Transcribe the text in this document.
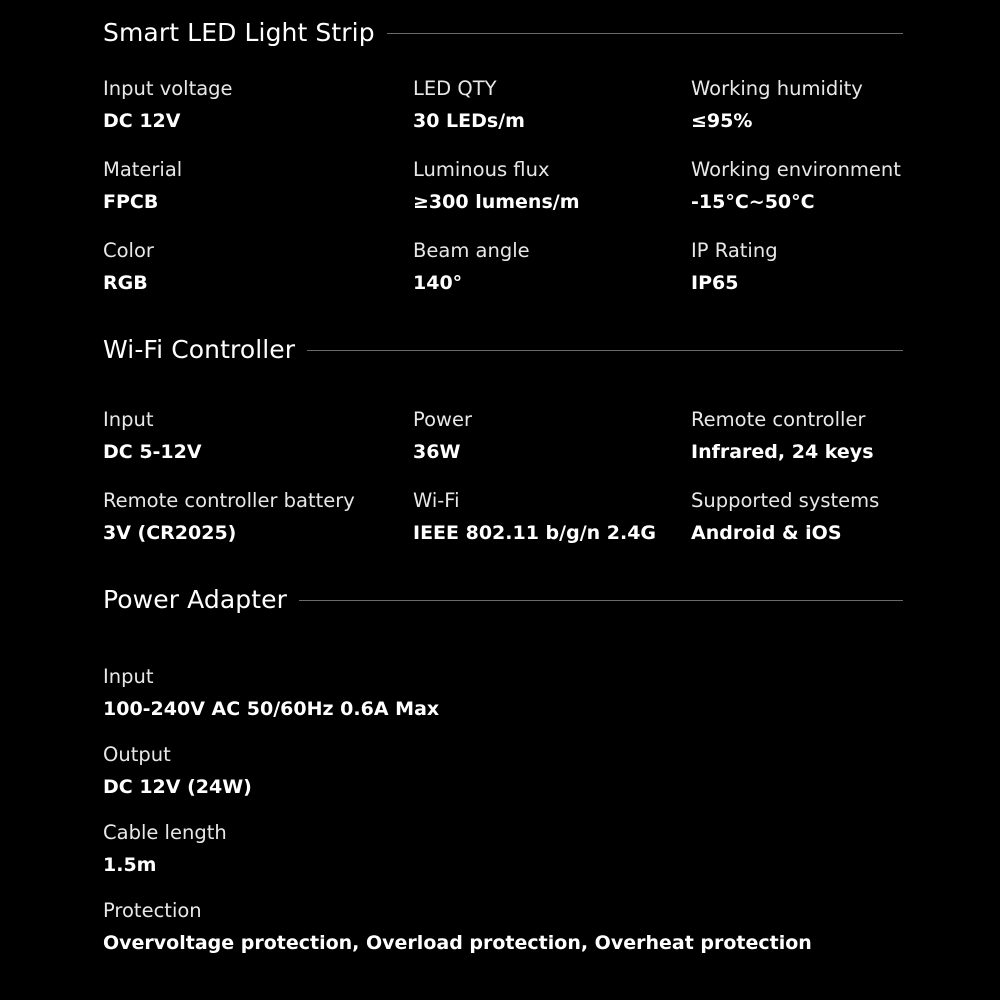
Smart LED Light Strip
Input voltage
DC 12V
LED QTY
30 LEDs/m
Working humidity
≤95%
Material
FPCB
Luminous flux
≥300 lumens/m
Working environment
-15°C~50°C
Color
RGB
Beam angle
140°
IP Rating
IP65
Wi-Fi Controller
Input
DC 5-12V
Power
36W
Remote controller
Infrared, 24 keys
Remote controller battery
3V (CR2025)
Wi-Fi
IEEE 802.11 b/g/n 2.4G
Supported systems
Android & iOS
Power Adapter
Input
100-240V AC 50/60Hz 0.6A Max
Output
DC 12V (24W)
Cable length
1.5m
Protection
Overvoltage protection, Overload protection, Overheat protection
